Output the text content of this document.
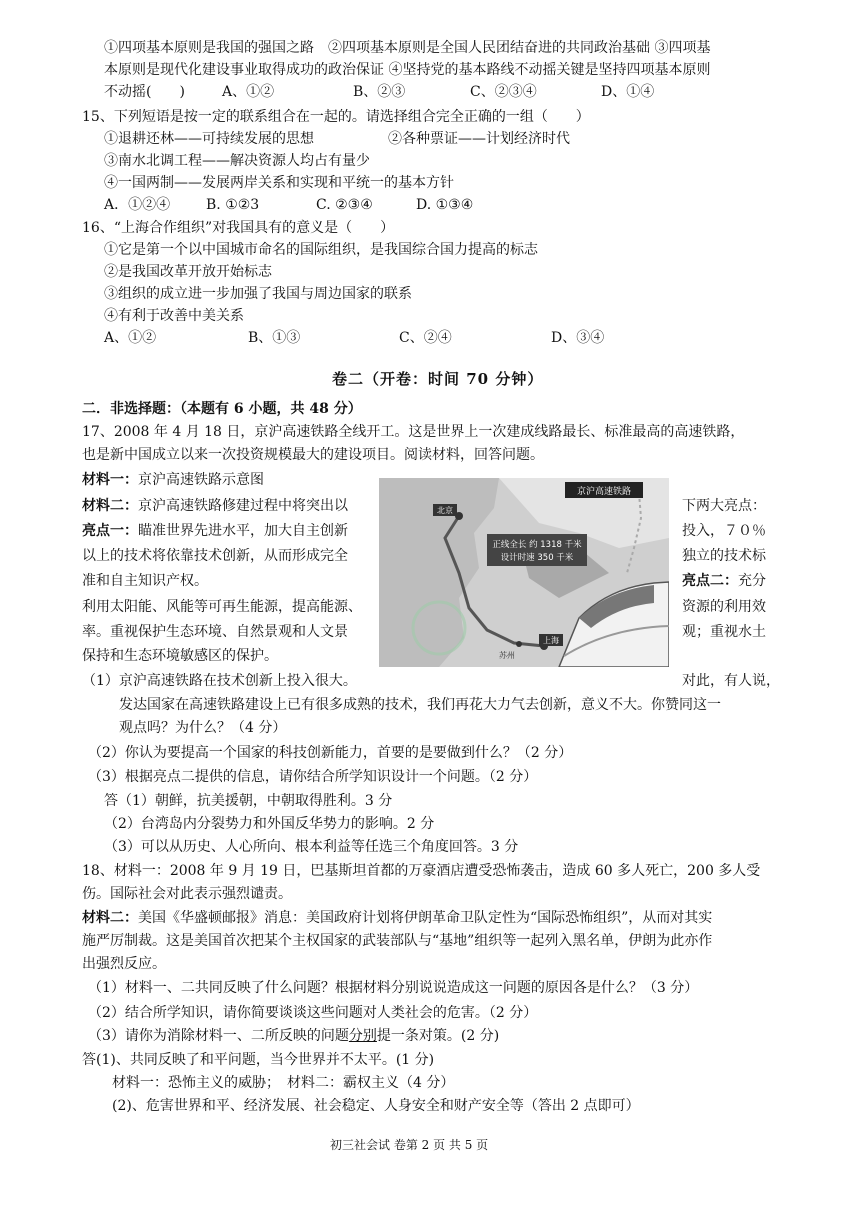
①四项基本原则是我国的强国之路　②四项基本原则是全国人民团结奋进的共同政治基础 ③四项基
本原则是现代化建设事业取得成功的政治保证 ④坚持党的基本路线不动摇关键是坚持四项基本原则
不动摇(　　)	A、①②	B、②③	C、②③④	D、①④
15、下列短语是按一定的联系组合在一起的。请选择组合完全正确的一组（　　）
①退耕还林——可持续发展的思想	②各种票证——计划经济时代
③南水北调工程——解决资源人均占有量少
④一国两制——发展两岸关系和实现和平统一的基本方针
A．①②④	B. ①②3	C. ②③④	D. ①③④
16、“上海合作组织”对我国具有的意义是（　　）
①它是第一个以中国城市命名的国际组织，是我国综合国力提高的标志
②是我国改革开放开始标志
③组织的成立进一步加强了我国与周边国家的联系
④有利于改善中美关系
A、①②	B、①③	C、②④	D、③④
卷二（开卷：时间 70 分钟）
二．非选择题：（本题有 6 小题，共 48 分）
17、2008 年 4 月 18 日，京沪高速铁路全线开工。这是世界上一次建成线路最长、标准最高的高速铁路，
也是新中国成立以来一次投资规模最大的建设项目。阅读材料，回答问题。
材料一：京沪高速铁路示意图
材料二：京沪高速铁路修建过程中将突出以	下两大亮点：
亮点一：瞄准世界先进水平，加大自主创新	投入，７０％
以上的技术将依靠技术创新，从而形成完全	独立的技术标
准和自主知识产权。	亮点二：充分
利用太阳能、风能等可再生能源，提高能源、	资源的利用效
率。重视保护生态环境、自然景观和人文景	观；重视水土
保持和生态环境敏感区的保护。
京沪高速铁路
北京
上海
苏州
正线全长 约 1318 千米
设计时速 350 千米
（1）京沪高速铁路在技术创新上投入很大。	对此，有人说，
发达国家在高速铁路建设上已有很多成熟的技术，我们再花大力气去创新，意义不大。你赞同这一
观点吗？为什么？（4 分）
（2）你认为要提高一个国家的科技创新能力，首要的是要做到什么？（2 分）
（3）根据亮点二提供的信息，请你结合所学知识设计一个问题。（2 分）
答（1）朝鲜，抗美援朝，中朝取得胜利。3 分
（2）台湾岛内分裂势力和外国反华势力的影响。2 分
（3）可以从历史、人心所向、根本利益等任选三个角度回答。3 分
18、材料一：2008 年 9 月 19 日，巴基斯坦首都的万豪酒店遭受恐怖袭击，造成 60 多人死亡，200 多人受
伤。国际社会对此表示强烈谴责。
材料二：美国《华盛顿邮报》消息：美国政府计划将伊朗革命卫队定性为“国际恐怖组织”，从而对其实
施严厉制裁。这是美国首次把某个主权国家的武装部队与“基地”组织等一起列入黑名单，伊朗为此亦作
出强烈反应。
（1）材料一、二共同反映了什么问题？根据材料分别说说造成这一问题的原因各是什么？（3 分）
（2）结合所学知识，请你简要谈谈这些问题对人类社会的危害。（2 分）
（3）请你为消除材料一、二所反映的问题分别提一条对策。(2 分)
答(1)、共同反映了和平问题，当今世界并不太平。(1 分)
材料一：恐怖主义的威胁；　材料二：霸权主义（4 分）
(2)、危害世界和平、经济发展、社会稳定、人身安全和财产安全等（答出 2 点即可）
初三社会试 卷第 2 页 共 5 页
